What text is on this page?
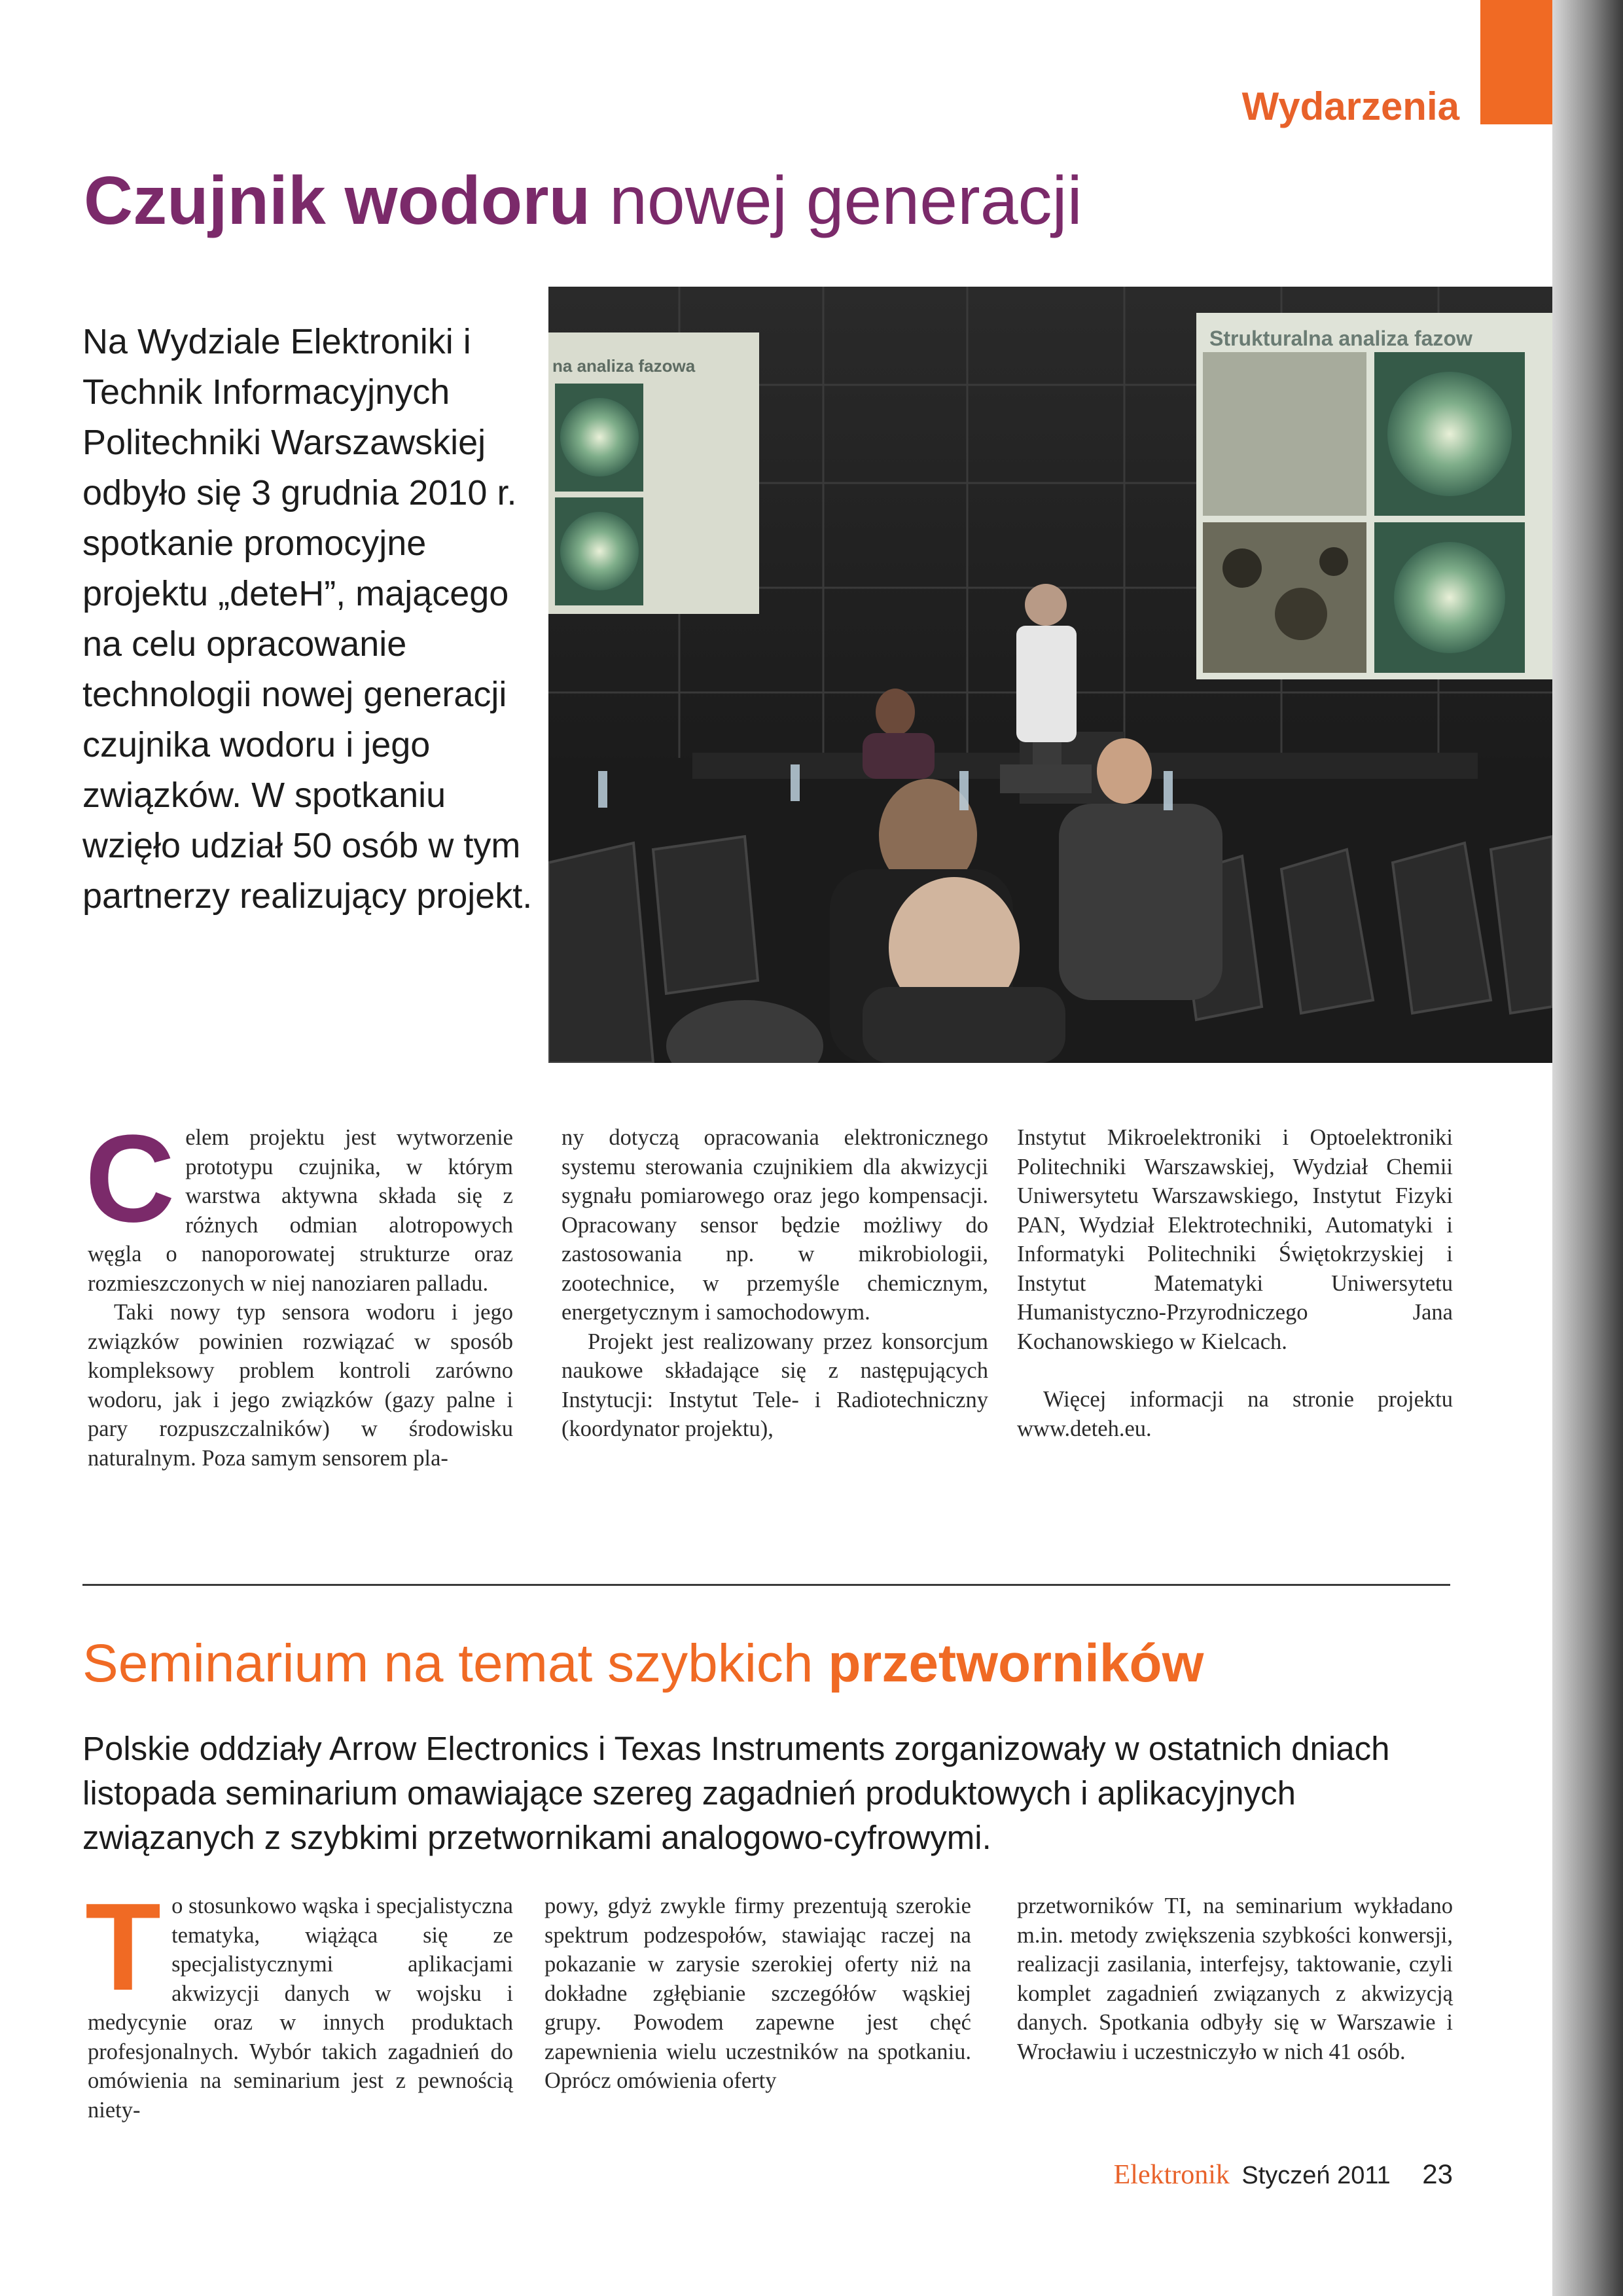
Wydarzenia
Czujnik wodoru nowej generacji
Na Wydziale Elektroniki i Technik Informacyjnych Politechniki Warszawskiej odbyło się 3 grudnia 2010 r. spotkanie promocyjne projektu „deteH”, mającego na celu opracowanie technologii nowej generacji czujnika wodoru i jego związków. W spotkaniu wzięło udział 50 osób w tym partnerzy realizujący projekt.
na analiza fazowa
Strukturalna analiza fazow

Celem projektu jest wytworzenie prototypu czujnika, w którym warstwa aktywna składa się z różnych odmian alotropowych węgla o nanoporowatej strukturze oraz rozmieszczonych w niej nanoziaren palladu.

Taki nowy typ sensora wodoru i jego związków powinien rozwiązać w sposób kompleksowy problem kontroli zarówno wodoru, jak i jego związków (gazy palne i pary rozpuszczalników) w środowisku naturalnym. Poza samym sensorem pla-

ny dotyczą opracowania elektronicznego systemu sterowania czujnikiem dla akwizycji sygnału pomiarowego oraz jego kompensacji. Opracowany sensor będzie możliwy do zastosowania np. w mikrobiologii, zootechnice, w przemyśle chemicznym, energetycznym i samochodowym.

Projekt jest realizowany przez konsorcjum naukowe składające się z następujących Instytucji: Instytut Tele- i Radiotechniczny (koordynator projektu),

Instytut Mikroelektroniki i Optoelektroniki Politechniki Warszawskiej, Wydział Chemii Uniwersytetu Warszawskiego, Instytut Fizyki PAN, Wydział Elektrotechniki, Automatyki i Informatyki Politechniki Świętokrzyskiej i Instytut Matematyki Uniwersytetu Humanistyczno-Przyrodniczego Jana Kochanowskiego w Kielcach.

Więcej informacji na stronie projektu www.deteh.eu.

Seminarium na temat szybkich przetworników
Polskie oddziały Arrow Electronics i Texas Instruments zorganizowały w ostatnich dniach listopada seminarium omawiające szereg zagadnień produktowych i aplikacyjnych związanych z szybkimi przetwornikami analogowo-cyfrowymi.

To stosunkowo wąska i specjalistyczna tematyka, wiążąca się ze specjalistycznymi aplikacjami akwizycji danych w wojsku i medycynie oraz w innych produktach profesjonalnych. Wybór takich zagadnień do omówienia na seminarium jest z pewnością niety-

powy, gdyż zwykle firmy prezentują szerokie spektrum podzespołów, stawiając raczej na pokazanie w zarysie szerokiej oferty niż na dokładne zgłębianie szczegółów wąskiej grupy. Powodem zapewne jest chęć zapewnienia wielu uczestników na spotkaniu. Oprócz omówienia oferty

przetworników TI, na seminarium wykładano m.in. metody zwiększenia szybkości konwersji, realizacji zasilania, interfejsy, taktowanie, czyli komplet zagadnień związanych z akwizycją danych. Spotkania odbyły się w Warszawie i Wrocławiu i uczestniczyło w nich 41 osób.

Elektronik Styczeń 2011 23
